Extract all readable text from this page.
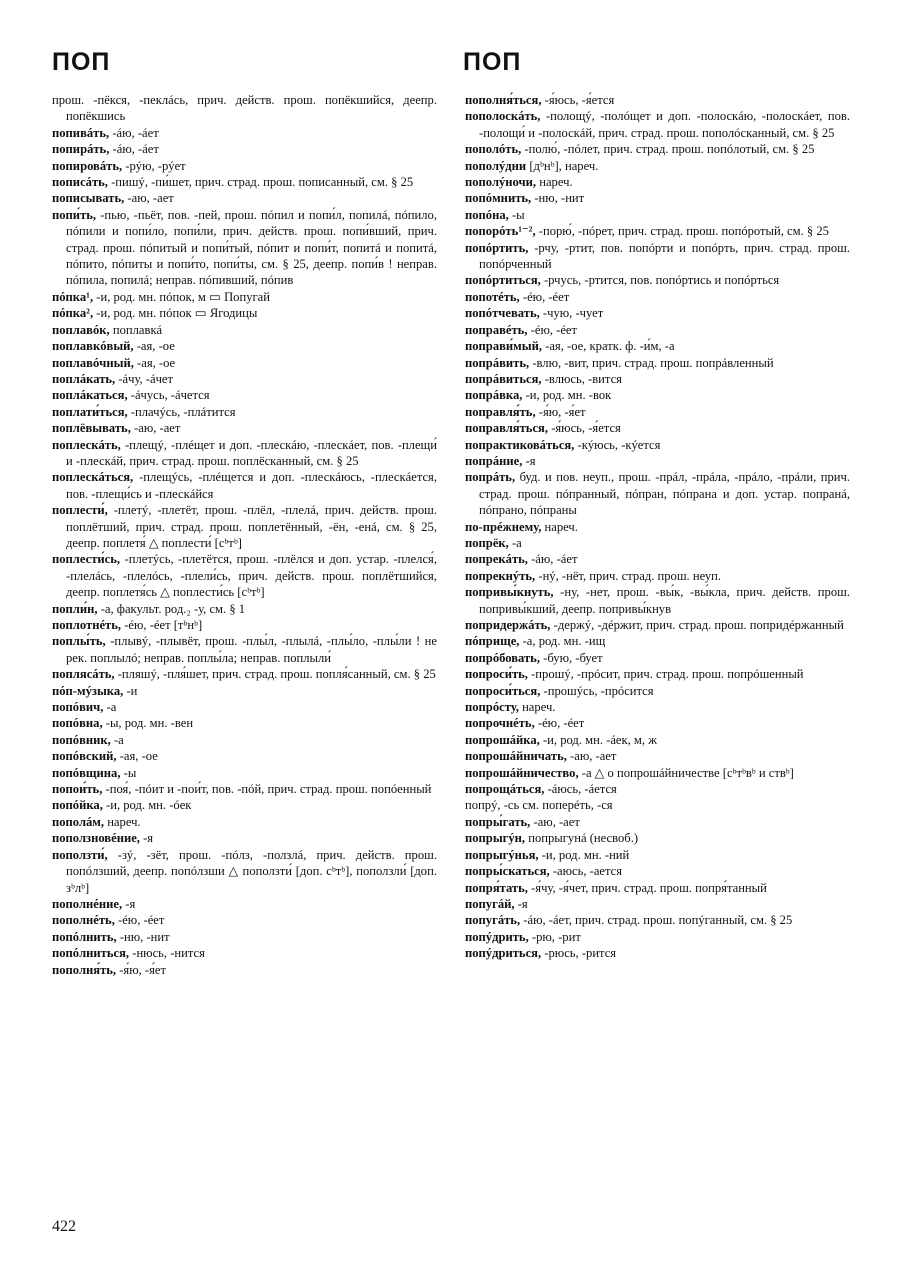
ПОП	ПОП

прош. -пёкся, -пеклáсь, прич. действ. прош. попёкшийся, деепр. попёкшись

попивáть, -áю, -áет

попирáть, -áю, -áет

попировáть, -рýю, -рýет

пописáть, -пишý, -пи́шет, прич. страд. прош. пописанный, см. § 25

пописывать, -аю, -ает

попи́ть, -пью, -пьёт, пов. -пей, прош. пóпил и попи́л, попилá, пóпило, пóпили и попи́ло, попи́ли, прич. действ. прош. попи́вший, прич. страд. прош. пóпитый и попи́тый, пóпит и попи́т, попитá и попитá, пóпито, пóпиты и попи́то, попи́ты, см. § 25, деепр. попи́в ! неправ. пóпила, попилá; неправ. пóпивший, пóпив

пóпка¹, -и, род. мн. пóпок, м ▭ Попугай

пóпка², -и, род. мн. пóпок ▭ Ягодицы

поплавóк, поплавкá

поплавкóвый, -ая, -ое

поплавóчный, -ая, -ое

поплáкать, -áчу, -áчет

поплáкаться, -áчусь, -áчется

поплати́ться, -плачýсь, -плáтится

поплёвывать, -аю, -ает

поплескáть, -плещý, -плéщет и доп. -плескáю, -плескáет, пов. -плещи́ и -плескáй, прич. страд. прош. поплёсканный, см. § 25

поплескáться, -плещýсь, -плéщется и доп. -плескáюсь, -плескáется, пов. -плещи́сь и -плескáйся

поплести́, -плетý, -плетёт, прош. -плёл, -плелá, прич. действ. прош. поплётший, прич. страд. прош. поплетённый, -ён, -енá, см. § 25, деепр. поплетя́ △ поплести́ [сᵇтᵇ]

поплести́сь, -плетýсь, -плетётся, прош. -плёлся и доп. устар. -плелся́, -плелáсь, -плелóсь, -плели́сь, прич. действ. прош. поплётшийся, деепр. поплетя́сь △ поплести́сь [сᵇтᵇ]

попли́н, -а, факульт. род.₂ -у, см. § 1

поплотнéть, -éю, -éет [тᵇнᵇ]

поплы́ть, -плывý, -плывёт, прош. -плы́л, -плылá, -плы́ло, -плы́ли ! не рек. поплылó; неправ. поплы́ла; неправ. поплыли́

поплясáть, -пляшý, -пля́шет, прич. страд. прош. попля́санный, см. § 25

пóп-мýзыка, -и

попóвич, -а

попóвна, -ы, род. мн. -вен

попóвник, -а

попóвский, -ая, -ое

попóвщина, -ы

попои́ть, -поя́, -пóит и -пои́т, пов. -пóй, прич. страд. прош. попóенный

попóйка, -и, род. мн. -óек

пополáм, нареч.

поползновéние, -я

поползти́, -зý, -зёт, прош. -пóлз, -ползлá, прич. действ. прош. попóлзший, деепр. попóлзши △ поползти́ [доп. сᵇтᵇ], поползли́ [доп. зᵇлᵇ]

пополнéние, -я

пополнéть, -éю, -éет

попóлнить, -ню, -нит

попóлниться, -нюсь, -нится

пополня́ть, -я́ю, -я́ет

пополня́ться, -я́юсь, -я́ется

пополоскáть, -полощý, -полóщет и доп. -полоскáю, -полоскáет, пов. -полощи́ и -полоскáй, прич. страд. прош. пополóсканный, см. § 25

пополóть, -полю́, -пóлет, прич. страд. прош. попóлотый, см. § 25

пополýдни [дᵇнᵇ], нареч.

пополýночи, нареч.

попóмнить, -ню, -нит

попóна, -ы

попорóть¹⁻², -порю́, -пóрет, прич. страд. прош. попóротый, см. § 25

попóртить, -рчу, -ртит, пов. попóрти и попóрть, прич. страд. прош. попóрченный

попóртиться, -рчусь, -ртится, пов. попóртись и попóрться

попотéть, -éю, -éет

попóтчевать, -чую, -чует

поправéть, -éю, -éет

поправи́мый, -ая, -ое, кратк. ф. -и́м, -а

попрáвить, -влю, -вит, прич. страд. прош. попрáвленный

попрáвиться, -влюсь, -вится

попрáвка, -и, род. мн. -вок

поправля́ть, -я́ю, -я́ет

поправля́ться, -я́юсь, -я́ется

попрактиковáться, -кýюсь, -кýется

попрáние, -я

попрáть, буд. и пов. неуп., прош. -прáл, -прáла, -прáло, -прáли, прич. страд. прош. пóпранный, пóпран, пóпрана и доп. устар. попранá, пóпрано, пóпраны

по-прéжнему, нареч.

попрёк, -а

попрекáть, -áю, -áет

попрекнýть, -нý, -нёт, прич. страд. прош. неуп.

попривы́кнуть, -ну, -нет, прош. -вы́к, -вы́кла, прич. действ. прош. попривы́кший, деепр. попривы́кнув

попридержáть, -держý, -дéржит, прич. страд. прош. попридéржанный

пóприще, -а, род. мн. -ищ

попрóбовать, -бую, -бует

попроси́ть, -прошý, -прóсит, прич. страд. прош. попрóшенный

попроси́ться, -прошýсь, -прóсится

попрóсту, нареч.

попрочнéть, -éю, -éет

попрошáйка, -и, род. мн. -áек, м, ж

попрошáйничать, -аю, -ает

попрошáйничество, -а △ о попрошáйничестве [сᵇтᵇвᵇ и ствᵇ]

попрощáться, -áюсь, -áется

попрý, -сь см. поперéть, -ся

попры́гать, -аю, -ает

попрыгýн, попрыгунá (несвоб.)

попрыгýнья, -и, род. мн. -ний

попры́скаться, -аюсь, -ается

попря́тать, -я́чу, -я́чет, прич. страд. прош. попря́танный

попугáй, -я

попугáть, -áю, -áет, прич. страд. прош. попýганный, см. § 25

попýдрить, -рю, -рит

попýдриться, -рюсь, -рится

422
